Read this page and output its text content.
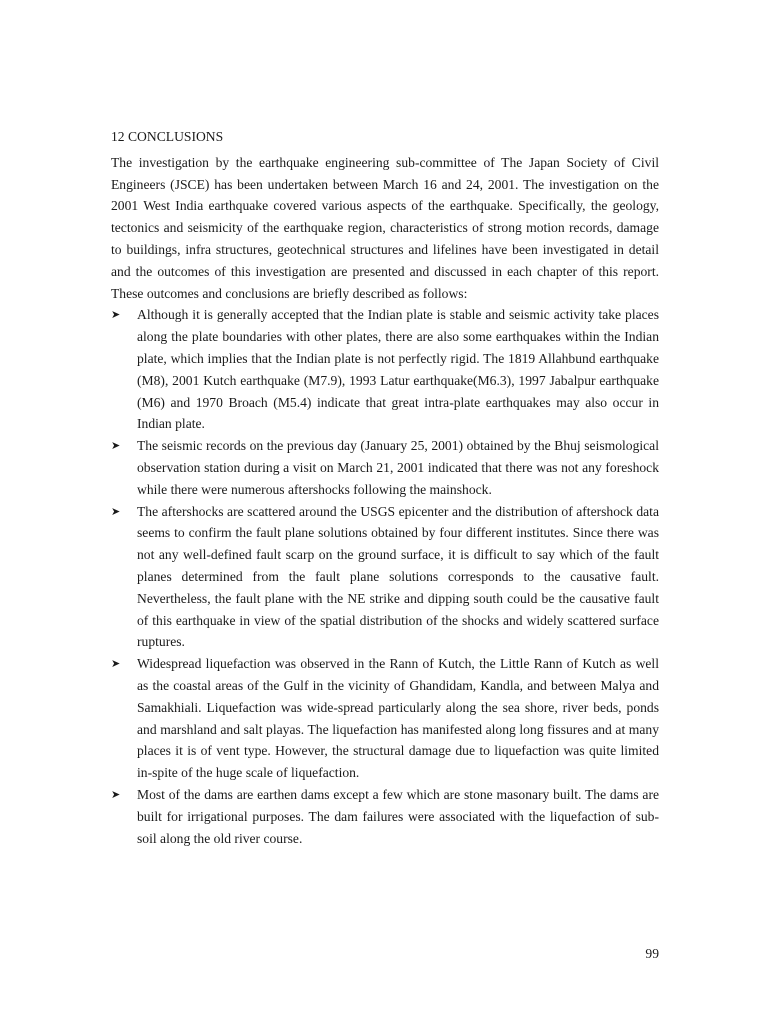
12 CONCLUSIONS

The investigation by the earthquake engineering sub-committee of The Japan Society of Civil Engineers (JSCE) has been undertaken between March 16 and 24, 2001. The investigation on the 2001 West India earthquake covered various aspects of the earthquake. Specifically, the geology, tectonics and seismicity of the earthquake region, characteristics of strong motion records, damage to buildings, infra structures, geotechnical structures and lifelines have been investigated in detail and the outcomes of this investigation are presented and discussed in each chapter of this report. These outcomes and conclusions are briefly described as follows:

➤	Although it is generally accepted that the Indian plate is stable and seismic activity take places along the plate boundaries with other plates, there are also some earthquakes within the Indian plate, which implies that the Indian plate is not perfectly rigid. The 1819 Allahbund earthquake (M8), 2001 Kutch earthquake (M7.9), 1993 Latur earthquake(M6.3), 1997 Jabalpur earthquake (M6) and 1970 Broach (M5.4) indicate that great intra-plate earthquakes may also occur in Indian plate.
➤	The seismic records on the previous day (January 25, 2001) obtained by the Bhuj seismological observation station during a visit on March 21, 2001 indicated that there was not any foreshock while there were numerous aftershocks following the mainshock.
➤	The aftershocks are scattered around the USGS epicenter and the distribution of aftershock data seems to confirm the fault plane solutions obtained by four different institutes. Since there was not any well-defined fault scarp on the ground surface, it is difficult to say which of the fault planes determined from the fault plane solutions corresponds to the causative fault. Nevertheless, the fault plane with the NE strike and dipping south could be the causative fault of this earthquake in view of the spatial distribution of the shocks and widely scattered surface ruptures.
➤	Widespread liquefaction was observed in the Rann of Kutch, the Little Rann of Kutch as well as the coastal areas of the Gulf in the vicinity of Ghandidam, Kandla, and between Malya and Samakhiali. Liquefaction was wide-spread particularly along the sea shore, river beds, ponds and marshland and salt playas. The liquefaction has manifested along long fissures and at many places it is of vent type. However, the structural damage due to liquefaction was quite limited in-spite of the huge scale of liquefaction.
➤	Most of the dams are earthen dams except a few which are stone masonary built. The dams are built for irrigational purposes. The dam failures were associated with the liquefaction of sub-soil along the old river course.
99
